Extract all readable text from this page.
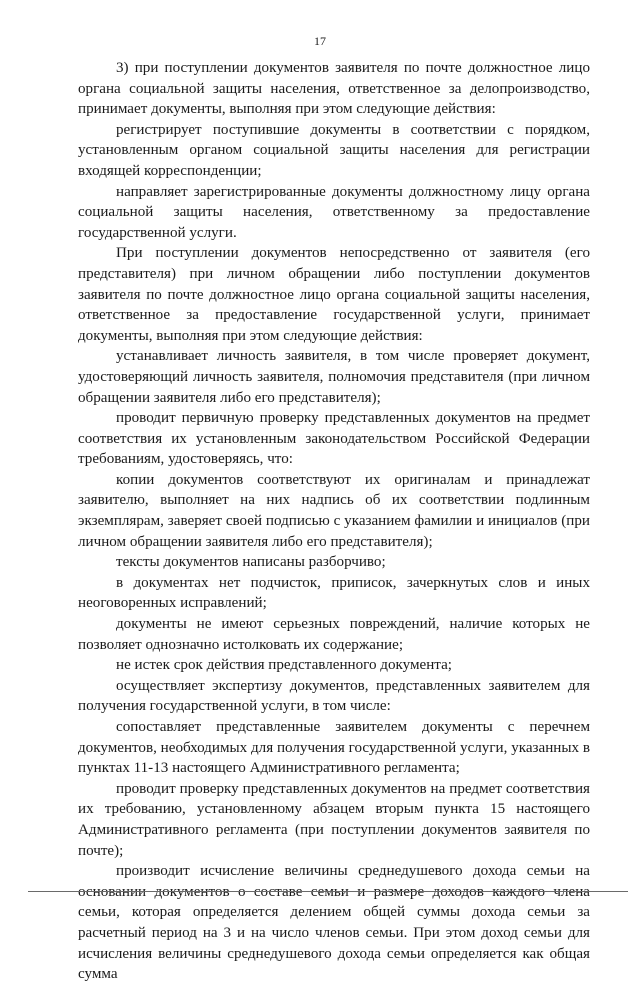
17

3) при поступлении документов заявителя по почте должностное лицо органа социальной защиты населения, ответственное за делопроизводство, принимает документы, выполняя при этом следующие действия:

регистрирует поступившие документы в соответствии с порядком, установленным органом социальной защиты населения для регистрации входящей корреспонденции;

направляет зарегистрированные документы должностному лицу органа социальной защиты населения, ответственному за предоставление государственной услуги.

При поступлении документов непосредственно от заявителя (его представителя) при личном обращении либо поступлении документов заявителя по почте должностное лицо органа социальной защиты населения, ответственное за предоставление государственной услуги, принимает документы, выполняя при этом следующие действия:

устанавливает личность заявителя, в том числе проверяет документ, удостоверяющий личность заявителя, полномочия представителя (при личном обращении заявителя либо его представителя);

проводит первичную проверку представленных документов на предмет соответствия их установленным законодательством Российской Федерации требованиям, удостоверяясь, что:

копии документов соответствуют их оригиналам и принадлежат заявителю, выполняет на них надпись об их соответствии подлинным экземплярам, заверяет своей подписью с указанием фамилии и инициалов (при личном обращении заявителя либо его представителя);

тексты документов написаны разборчиво;

в документах нет подчисток, приписок, зачеркнутых слов и иных неоговоренных исправлений;

документы не имеют серьезных повреждений, наличие которых не позволяет однозначно истолковать их содержание;

не истек срок действия представленного документа;

осуществляет экспертизу документов, представленных заявителем для получения государственной услуги, в том числе:

сопоставляет представленные заявителем документы с перечнем документов, необходимых для получения государственной услуги, указанных в пунктах 11-13 настоящего Административного регламента;

проводит проверку представленных документов на предмет соответствия их требованию, установленному абзацем вторым пункта 15 настоящего Административного регламента (при поступлении документов заявителя по почте);

производит исчисление величины среднедушевого дохода семьи на основании документов о составе семьи и размере доходов каждого члена семьи, которая определяется делением общей суммы дохода семьи за расчетный период на 3 и на число членов семьи. При этом доход семьи для исчисления величины среднедушевого дохода семьи определяется как общая сумма
